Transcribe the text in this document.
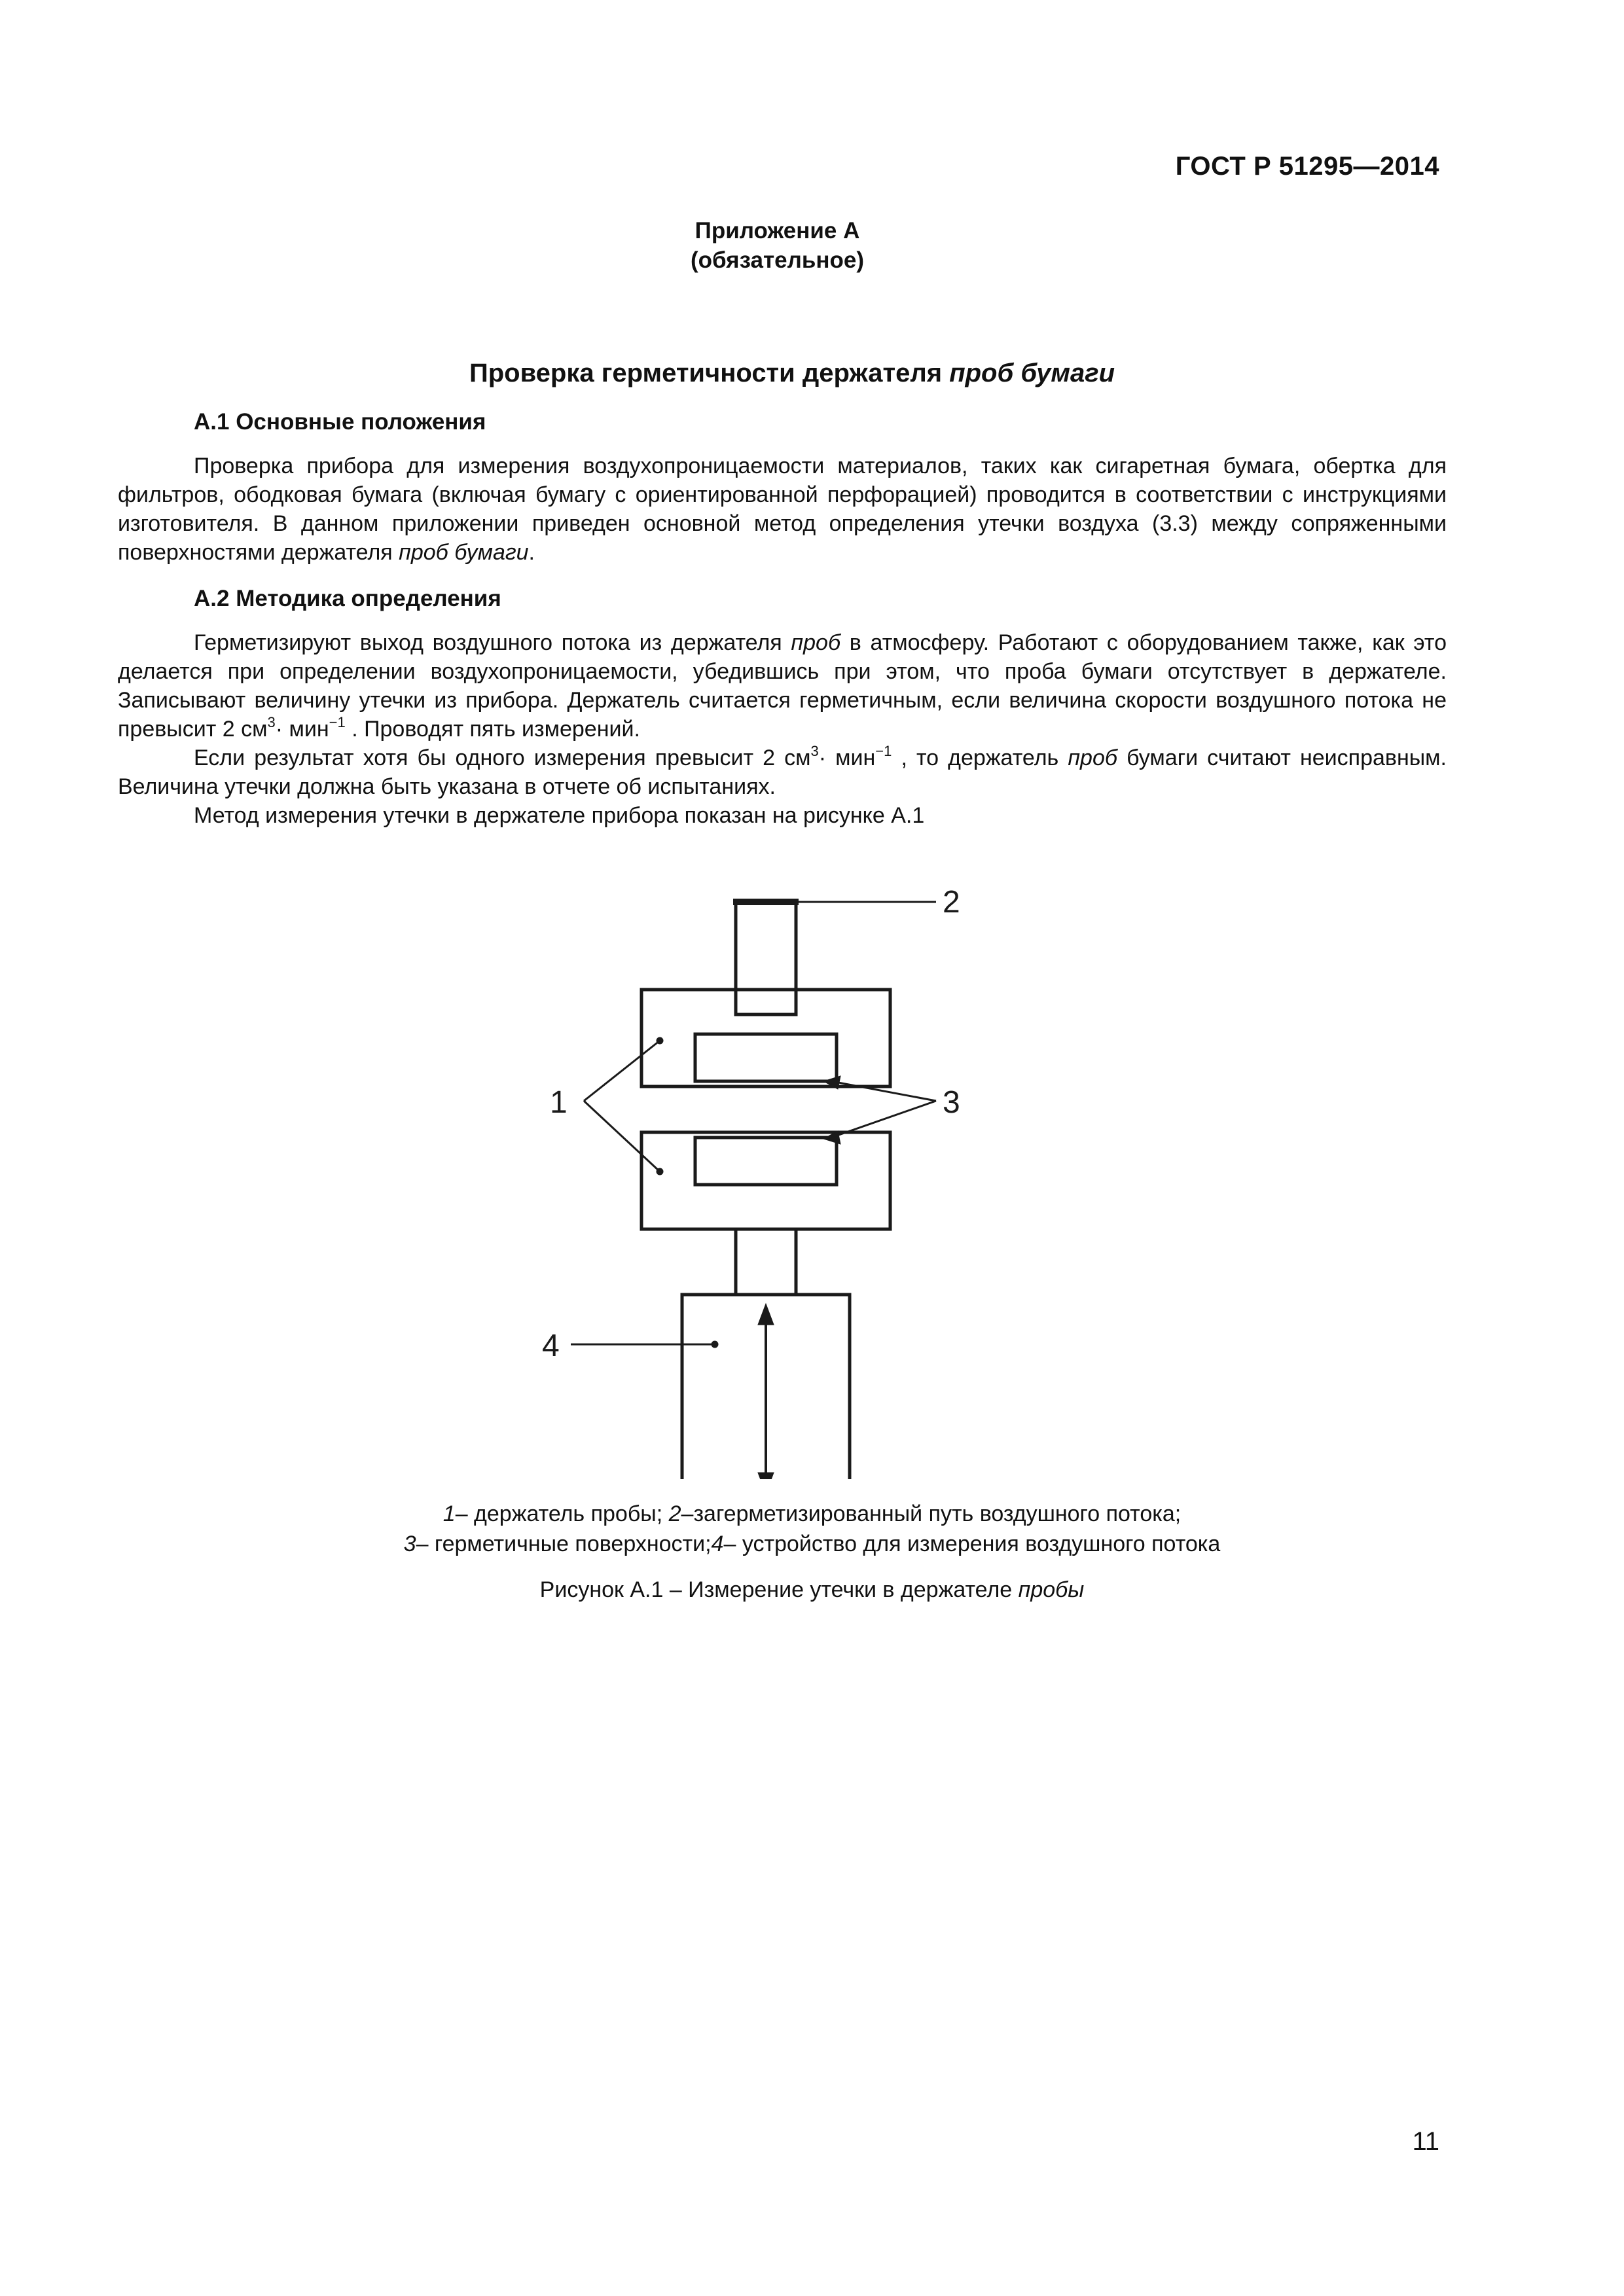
ГОСТ Р 51295—2014
Приложение А
(обязательное)
Проверка герметичности держателя проб бумаги
А.1 Основные положения

Проверка прибора для измерения воздухопроницаемости материалов, таких как сигаретная бумага, обертка для фильтров, ободковая бумага (включая бумагу с ориентированной перфорацией) проводится в соответствии с инструкциями изготовителя. В данном приложении приведен основной метод определения утечки воздуха (3.3) между сопряженными поверхностями держателя проб бумаги.

А.2 Методика определения

Герметизируют выход воздушного потока из держателя проб в атмосферу. Работают с оборудованием также, как это делается при определении воздухопроницаемости, убедившись при этом, что проба бумаги отсутствует в держателе. Записывают величину утечки из прибора. Держатель считается герметичным, если величина скорости воздушного потока не превысит 2 $см^3\cdot мин^{-1}$ . Проводят пять измерений.

Если результат хотя бы одного измерения превысит 2 $см^3\cdot мин^{-1}$ , то держатель проб бумаги считают неисправным. Величина утечки должна быть указана в отчете об испытаниях.

Метод измерения утечки в держателе прибора показан на рисунке А.1

2
1	3
4
1– держатель пробы; 2–загерметизированный путь воздушного потока;
3– герметичные поверхности;4– устройство для измерения воздушного потока
Рисунок А.1 – Измерение утечки в держателе пробы
11
